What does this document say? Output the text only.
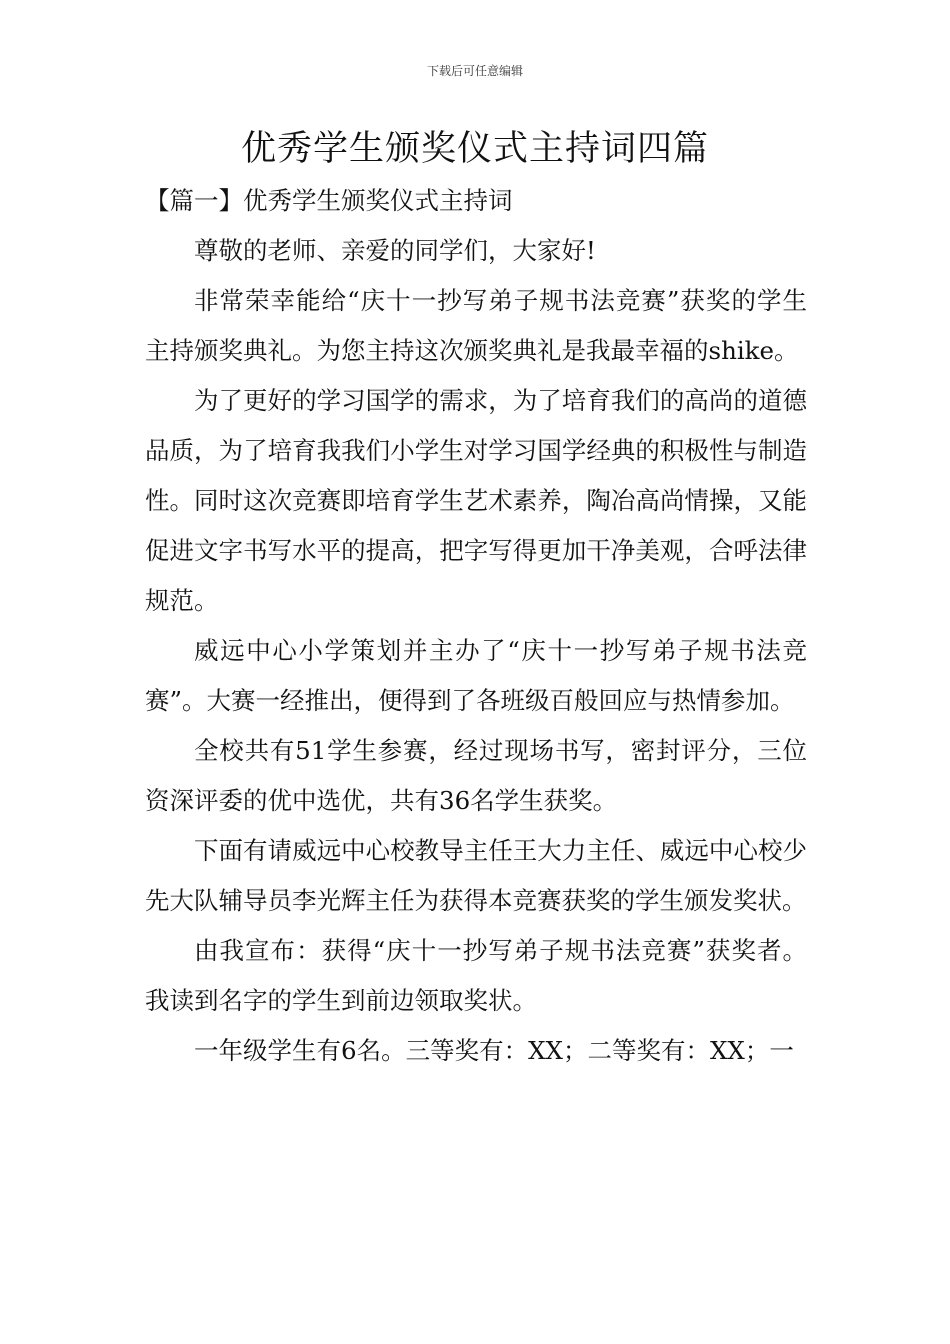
下载后可任意编辑
优秀学生颁奖仪式主持词四篇

【篇一】优秀学生颁奖仪式主持词

尊敬的老师、亲爱的同学们，大家好!

非常荣幸能给“庆十一抄写弟子规书法竞赛”获奖的学生主持颁奖典礼。为您主持这次颁奖典礼是我最幸福的shike。

为了更好的学习国学的需求，为了培育我们的高尚的道德品质，为了培育我我们小学生对学习国学经典的积极性与制造性。同时这次竞赛即培育学生艺术素养，陶冶高尚情操，又能促进文字书写水平的提高，把字写得更加干净美观，合呼法律规范。

威远中心小学策划并主办了“庆十一抄写弟子规书法竞赛”。大赛一经推出，便得到了各班级百般回应与热情参加。

全校共有51学生参赛，经过现场书写，密封评分，三位资深评委的优中选优，共有36名学生获奖。

下面有请威远中心校教导主任王大力主任、威远中心校少先大队辅导员李光辉主任为获得本竞赛获奖的学生颁发奖状。

由我宣布：获得“庆十一抄写弟子规书法竞赛”获奖者。我读到名字的学生到前边领取奖状。

一年级学生有6名。三等奖有：XX；二等奖有：XX；一
